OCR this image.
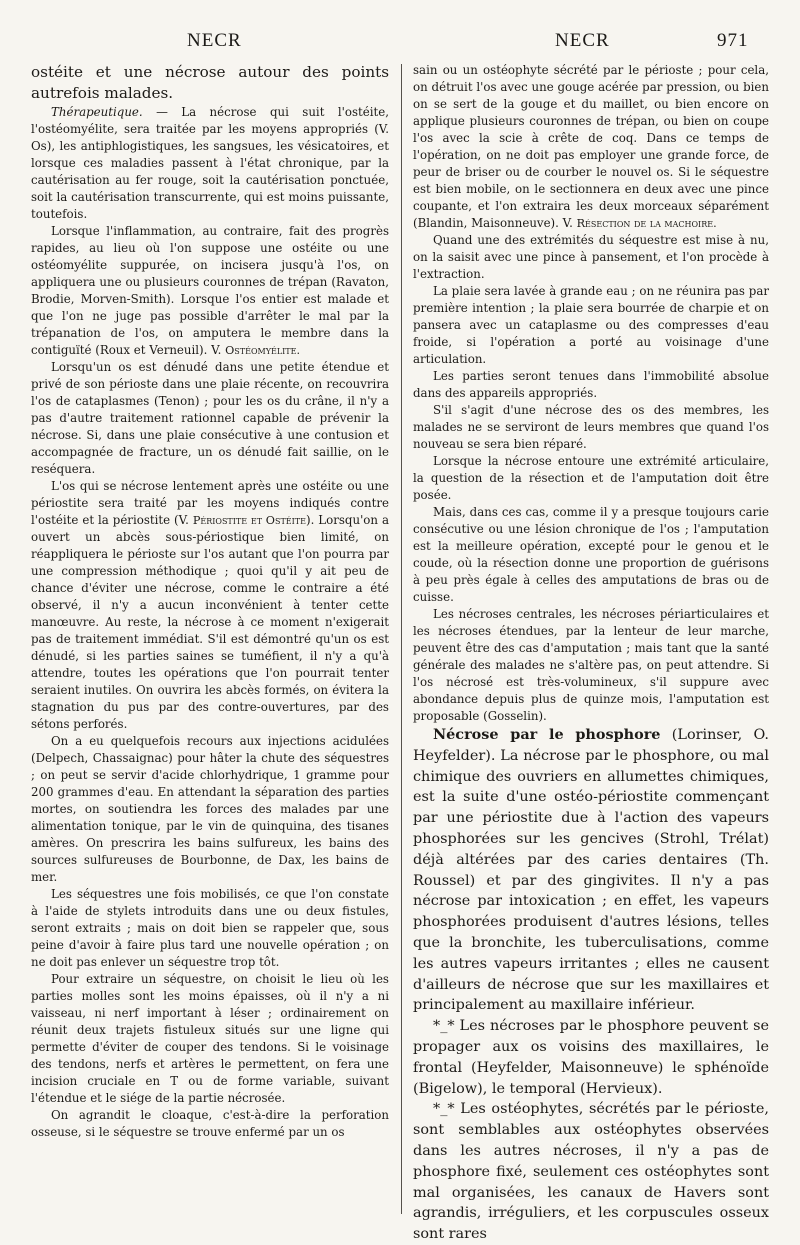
NECR	NECR	971

ostéite et une nécrose autour des points autrefois malades.

Thérapeutique. — La nécrose qui suit l'ostéite, l'ostéomyélite, sera traitée par les moyens appropriés (V. Os), les antiphlogistiques, les sangsues, les vésicatoires, et lorsque ces maladies passent à l'état chronique, par la cautérisation au fer rouge, soit la cautérisation ponctuée, soit la cautérisation transcurrente, qui est moins puissante, toutefois.

Lorsque l'inflammation, au contraire, fait des progrès rapides, au lieu où l'on suppose une ostéite ou une ostéomyélite suppurée, on incisera jusqu'à l'os, on appliquera une ou plusieurs couronnes de trépan (Ravaton, Brodie, Morven-Smith). Lorsque l'os entier est malade et que l'on ne juge pas possible d'arrêter le mal par la trépanation de l'os, on amputera le membre dans la contiguïté (Roux et Verneuil). V. Ostéomyélite.

Lorsqu'un os est dénudé dans une petite étendue et privé de son périoste dans une plaie récente, on recouvrira l'os de cataplasmes (Tenon) ; pour les os du crâne, il n'y a pas d'autre traitement rationnel capable de prévenir la nécrose. Si, dans une plaie consécutive à une contusion et accompagnée de fracture, un os dénudé fait saillie, on le reséquera.

L'os qui se nécrose lentement après une ostéite ou une périostite sera traité par les moyens indiqués contre l'ostéite et la périostite (V. Périostite et Ostéite). Lorsqu'on a ouvert un abcès sous-périostique bien limité, on réappliquera le périoste sur l'os autant que l'on pourra par une compression méthodique ; quoi qu'il y ait peu de chance d'éviter une nécrose, comme le contraire a été observé, il n'y a aucun inconvénient à tenter cette manœuvre. Au reste, la nécrose à ce moment n'exigerait pas de traitement immédiat. S'il est démontré qu'un os est dénudé, si les parties saines se tuméfient, il n'y a qu'à attendre, toutes les opérations que l'on pourrait tenter seraient inutiles. On ouvrira les abcès formés, on évitera la stagnation du pus par des contre-ouvertures, par des sétons perforés.

On a eu quelquefois recours aux injections acidulées (Delpech, Chassaignac) pour hâter la chute des séquestres ; on peut se servir d'acide chlorhydrique, 1 gramme pour 200 grammes d'eau. En attendant la séparation des parties mortes, on soutiendra les forces des malades par une alimentation tonique, par le vin de quinquina, des tisanes amères. On prescrira les bains sulfureux, les bains des sources sulfureuses de Bourbonne, de Dax, les bains de mer.

Les séquestres une fois mobilisés, ce que l'on constate à l'aide de stylets introduits dans une ou deux fistules, seront extraits ; mais on doit bien se rappeler que, sous peine d'avoir à faire plus tard une nouvelle opération ; on ne doit pas enlever un séquestre trop tôt.

Pour extraire un séquestre, on choisit le lieu où les parties molles sont les moins épaisses, où il n'y a ni vaisseau, ni nerf important à léser ; ordinairement on réunit deux trajets fistuleux situés sur une ligne qui permette d'éviter de couper des tendons. Si le voisinage des tendons, nerfs et artères le permettent, on fera une incision cruciale en T ou de forme variable, suivant l'étendue et le siége de la partie nécrosée.

On agrandit le cloaque, c'est-à-dire la perforation osseuse, si le séquestre se trouve enfermé par un os

sain ou un ostéophyte sécrété par le périoste ; pour cela, on détruit l'os avec une gouge acérée par pression, ou bien on se sert de la gouge et du maillet, ou bien encore on applique plusieurs couronnes de trépan, ou bien on coupe l'os avec la scie à crête de coq. Dans ce temps de l'opération, on ne doit pas employer une grande force, de peur de briser ou de courber le nouvel os. Si le séquestre est bien mobile, on le sectionnera en deux avec une pince coupante, et l'on extraira les deux morceaux séparément (Blandin, Maisonneuve). V. Résection de la machoire.

Quand une des extrémités du séquestre est mise à nu, on la saisit avec une pince à pansement, et l'on procède à l'extraction.

La plaie sera lavée à grande eau ; on ne réunira pas par première intention ; la plaie sera bourrée de charpie et on pansera avec un cataplasme ou des compresses d'eau froide, si l'opération a porté au voisinage d'une articulation.

Les parties seront tenues dans l'immobilité absolue dans des appareils appropriés.

S'il s'agit d'une nécrose des os des membres, les malades ne se serviront de leurs membres que quand l'os nouveau se sera bien réparé.

Lorsque la nécrose entoure une extrémité articulaire, la question de la résection et de l'amputation doit être posée.

Mais, dans ces cas, comme il y a presque toujours carie consécutive ou une lésion chronique de l'os ; l'amputation est la meilleure opération, excepté pour le genou et le coude, où la résection donne une proportion de guérisons à peu près égale à celles des amputations de bras ou de cuisse.

Les nécroses centrales, les nécroses périarticulaires et les nécroses étendues, par la lenteur de leur marche, peuvent être des cas d'amputation ; mais tant que la santé générale des malades ne s'altère pas, on peut attendre. Si l'os nécrosé est très-volumineux, s'il suppure avec abondance depuis plus de quinze mois, l'amputation est proposable (Gosselin).

Nécrose par le phosphore (Lorinser, O. Heyfelder). La nécrose par le phosphore, ou mal chimique des ouvriers en allumettes chimiques, est la suite d'une ostéo-périostite commençant par une périostite due à l'action des vapeurs phosphorées sur les gencives (Strohl, Trélat) déjà altérées par des caries dentaires (Th. Roussel) et par des gingivites. Il n'y a pas nécrose par intoxication ; en effet, les vapeurs phosphorées produisent d'autres lésions, telles que la bronchite, les tuberculisations, comme les autres vapeurs irritantes ; elles ne causent d'ailleurs de nécrose que sur les maxillaires et principalement au maxillaire inférieur.

*_* Les nécroses par le phosphore peuvent se propager aux os voisins des maxillaires, le frontal (Heyfelder, Maisonneuve) le sphénoïde (Bigelow), le temporal (Hervieux).

*_* Les ostéophytes, sécrétés par le périoste, sont semblables aux ostéophytes observées dans les autres nécroses, il n'y a pas de phosphore fixé, seulement ces ostéophytes sont mal organisées, les canaux de Havers sont agrandis, irréguliers, et les corpuscules osseux sont rares
